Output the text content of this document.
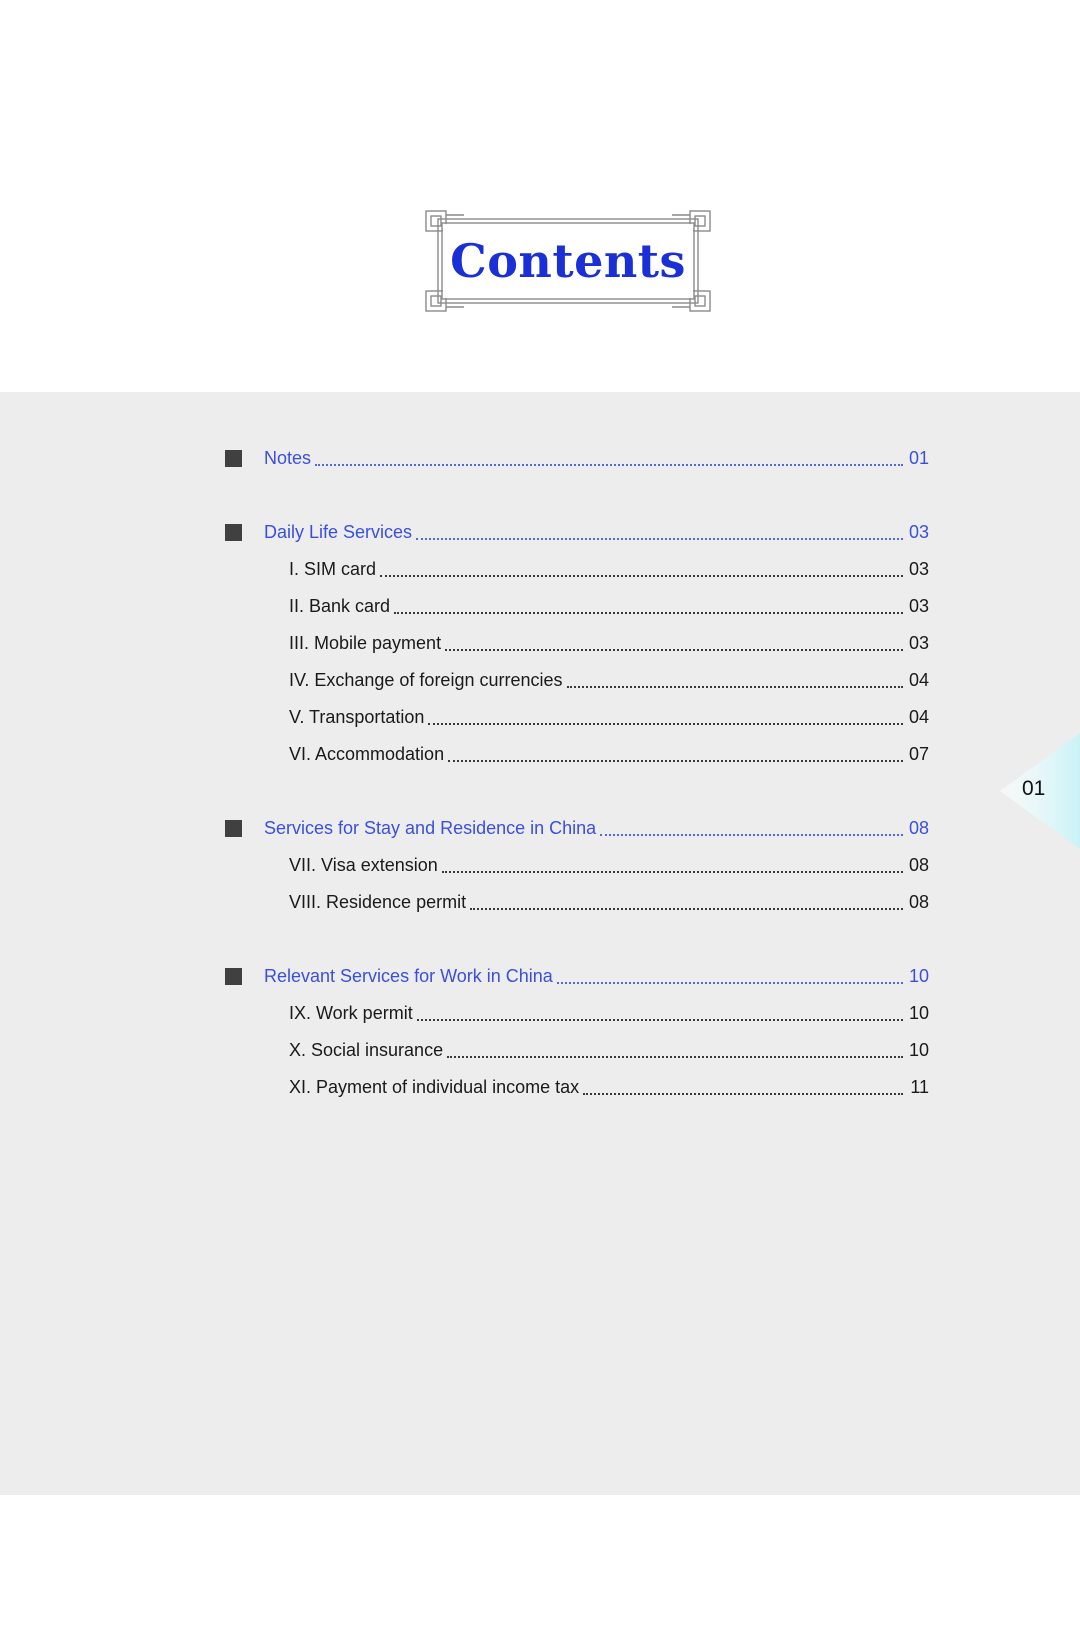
Contents
Notes	01
Daily Life Services	03
I. SIM card	03
II. Bank card	03
III. Mobile payment	03
IV. Exchange of foreign currencies	04
V. Transportation	04
VI. Accommodation	07
Services for Stay and Residence in China	08
VII. Visa extension	08
VIII. Residence permit	08
Relevant Services for Work in China	10
IX. Work permit	10
X. Social insurance	10
XI. Payment of individual income tax	11
01
